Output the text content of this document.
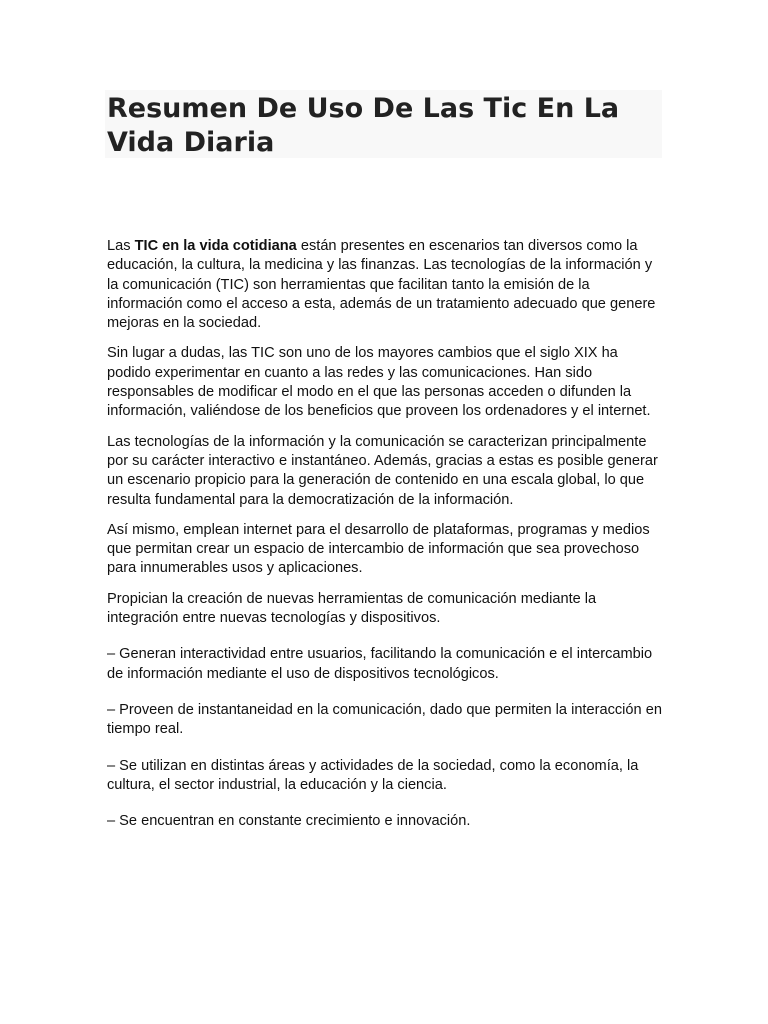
Resumen De Uso De Las Tic En La Vida Diaria

Las TIC en la vida cotidiana están presentes en escenarios tan diversos como la educación, la cultura, la medicina y las finanzas. Las tecnologías de la información y la comunicación (TIC) son herramientas que facilitan tanto la emisión de la información como el acceso a esta, además de un tratamiento adecuado que genere mejoras en la sociedad.

Sin lugar a dudas, las TIC son uno de los mayores cambios que el siglo XIX ha podido experimentar en cuanto a las redes y las comunicaciones. Han sido responsables de modificar el modo en el que las personas acceden o difunden la información, valiéndose de los beneficios que proveen los ordenadores y el internet.

Las tecnologías de la información y la comunicación se caracterizan principalmente por su carácter interactivo e instantáneo. Además, gracias a estas es posible generar un escenario propicio para la generación de contenido en una escala global, lo que resulta fundamental para la democratización de la información.

Así mismo, emplean internet para el desarrollo de plataformas, programas y medios que permitan crear un espacio de intercambio de información que sea provechoso para innumerables usos y aplicaciones.

Propician la creación de nuevas herramientas de comunicación mediante la integración entre nuevas tecnologías y dispositivos.

– Generan interactividad entre usuarios, facilitando la comunicación e el intercambio de información mediante el uso de dispositivos tecnológicos.

– Proveen de instantaneidad en la comunicación, dado que permiten la interacción en tiempo real.

– Se utilizan en distintas áreas y actividades de la sociedad, como la economía, la cultura, el sector industrial, la educación y la ciencia.

– Se encuentran en constante crecimiento e innovación.
